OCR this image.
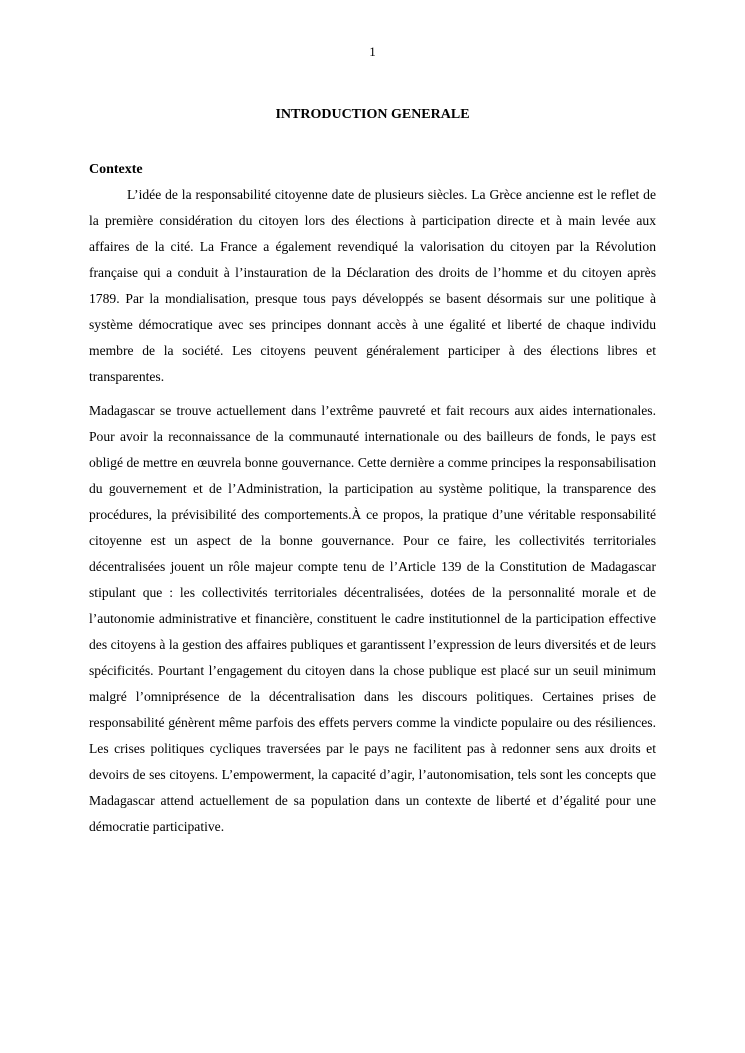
1
INTRODUCTION GENERALE

Contexte

L’idée de la responsabilité citoyenne date de plusieurs siècles. La Grèce ancienne est le reflet de la première considération du citoyen lors des élections à participation directe et à main levée aux affaires de la cité. La France a également revendiqué la valorisation du citoyen par la Révolution française qui a conduit à l’instauration de la Déclaration des droits de l’homme et du citoyen après 1789. Par la mondialisation, presque tous pays développés se basent désormais sur une politique à système démocratique avec ses principes donnant accès à une égalité et liberté de chaque individu membre de la société. Les citoyens peuvent généralement participer à des élections libres et transparentes.

Madagascar se trouve actuellement dans l’extrême pauvreté et fait recours aux aides internationales. Pour avoir la reconnaissance de la communauté internationale ou des bailleurs de fonds, le pays est obligé de mettre en œuvrela bonne gouvernance. Cette dernière a comme principes la responsabilisation du gouvernement et de l’Administration, la participation au système politique, la transparence des procédures, la prévisibilité des comportements.À ce propos, la pratique d’une véritable responsabilité citoyenne est un aspect de la bonne gouvernance. Pour ce faire, les collectivités territoriales décentralisées jouent un rôle majeur compte tenu de l’Article 139 de la Constitution de Madagascar stipulant que : les collectivités territoriales décentralisées, dotées de la personnalité morale et de l’autonomie administrative et financière, constituent le cadre institutionnel de la participation effective des citoyens à la gestion des affaires publiques et garantissent l’expression de leurs diversités et de leurs spécificités. Pourtant l’engagement du citoyen dans la chose publique est placé sur un seuil minimum malgré l’omniprésence de la décentralisation dans les discours politiques. Certaines prises de responsabilité génèrent même parfois des effets pervers comme la vindicte populaire ou des résiliences. Les crises politiques cycliques traversées par le pays ne facilitent pas à redonner sens aux droits et devoirs de ses citoyens. L’empowerment, la capacité d’agir, l’autonomisation, tels sont les concepts que Madagascar attend actuellement de sa population dans un contexte de liberté et d’égalité pour une démocratie participative.
